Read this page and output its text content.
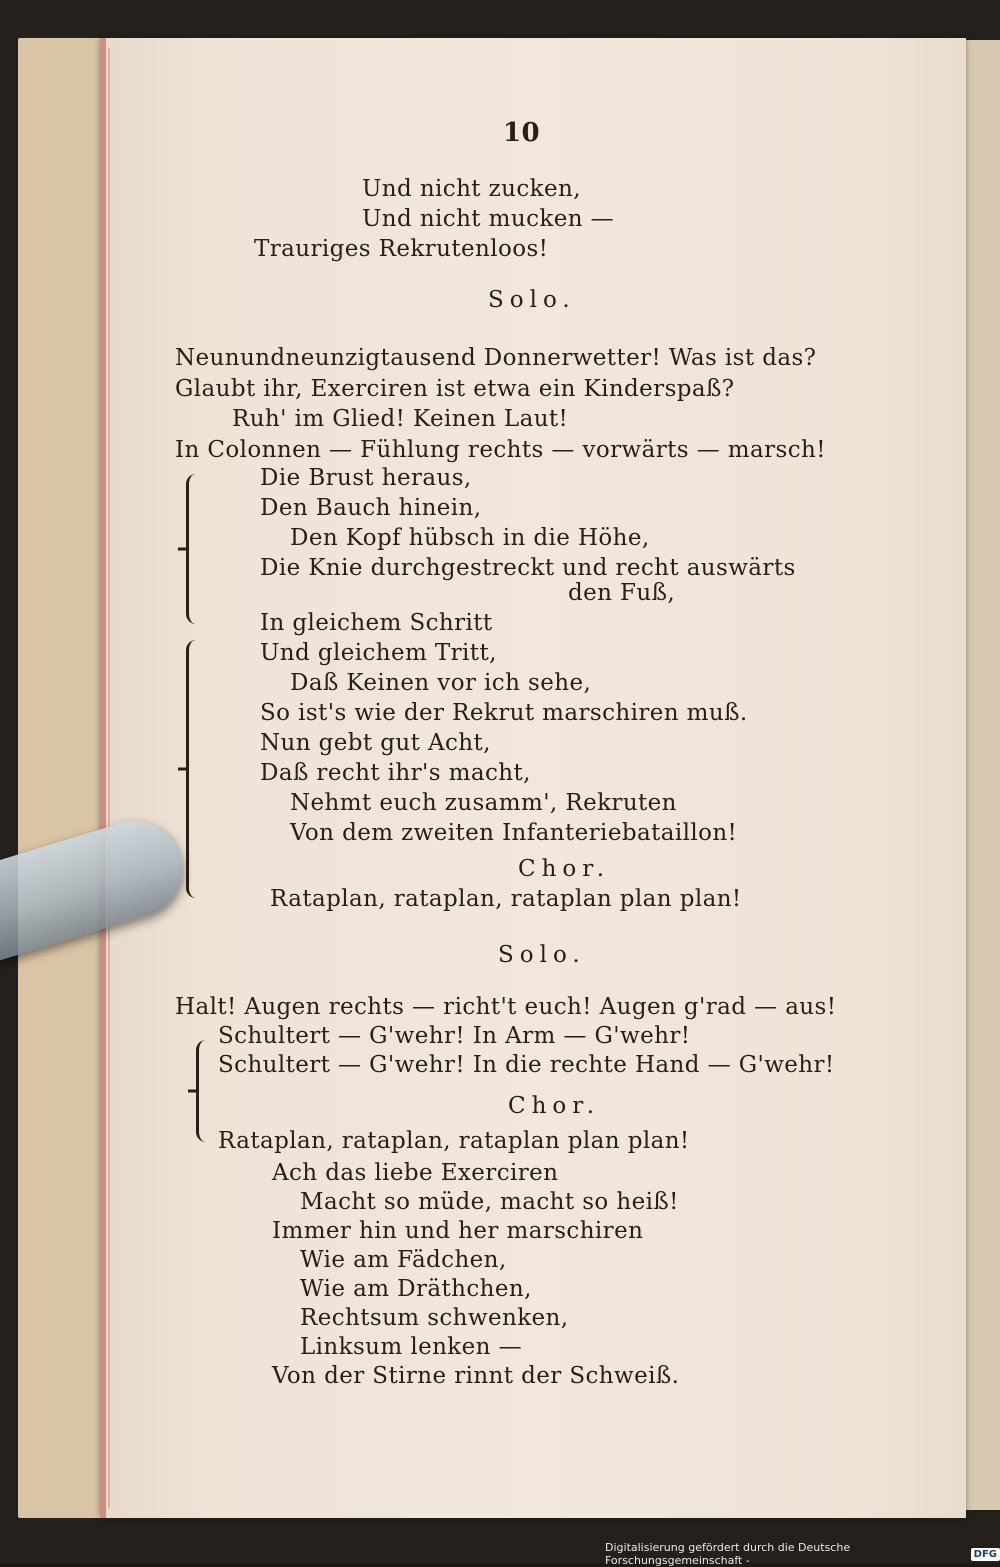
10
Und nicht zucken,
Und nicht mucken —
Trauriges Rekrutenloos!
Solo.
Neunundneunzigtausend Donnerwetter! Was ist das?
Glaubt ihr, Exerciren ist etwa ein Kinderspaß?
Ruh' im Glied! Keinen Laut!
In Colonnen — Fühlung rechts — vorwärts — marsch!
Die Brust heraus,
Den Bauch hinein,
Den Kopf hübsch in die Höhe,
Die Knie durchgestreckt und recht auswärts
den Fuß,
In gleichem Schritt
Und gleichem Tritt,
Daß Keinen vor ich sehe,
So ist's wie der Rekrut marschiren muß.
Nun gebt gut Acht,
Daß recht ihr's macht,
Nehmt euch zusamm', Rekruten
Von dem zweiten Infanteriebataillon!
Chor.
Rataplan, rataplan, rataplan plan plan!
Solo.
Halt! Augen rechts — richt't euch! Augen g'rad — aus!
Schultert — G'wehr! In Arm — G'wehr!
Schultert — G'wehr! In die rechte Hand — G'wehr!
Chor.
Rataplan, rataplan, rataplan plan plan!
Ach das liebe Exerciren
Macht so müde, macht so heiß!
Immer hin und her marschiren
Wie am Fädchen,
Wie am Dräthchen,
Rechtsum schwenken,
Linksum lenken —
Von der Stirne rinnt der Schweiß.
Digitalisierung gefördert durch die Deutsche Forschungsgemeinschaft -	DFG
